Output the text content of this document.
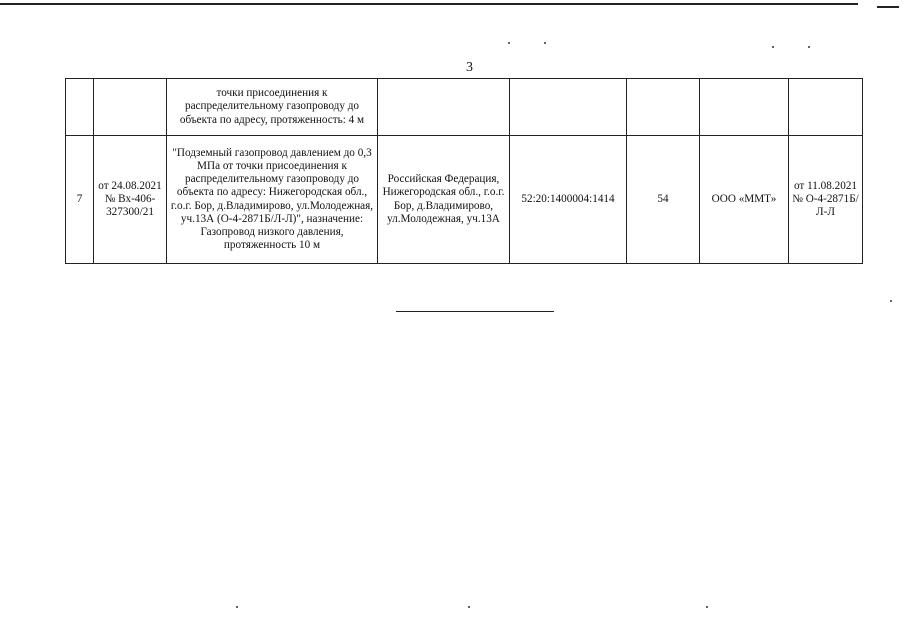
3

		точки присоединения к распределительному газопроводу до объекта по адресу, протяженность: 4 м					

7	от 24.08.2021 № Вх-406-327300/21	"Подземный газопровод давлением до 0,3 МПа от точки присоединения к распределительному газопроводу до объекта по адресу: Нижегородская обл., г.о.г. Бор, д.Владимирово, ул.Молодежная, уч.13А (О-4-2871Б/Л-Л)", назначение: Газопровод низкого давления, протяженность 10 м	Российская Федерация, Нижегородская обл., г.о.г. Бор, д.Владимирово, ул.Молодежная, уч.13А	52:20:1400004:1414	54	ООО «ММТ»	от 11.08.2021 № О-4-2871Б/Л-Л
